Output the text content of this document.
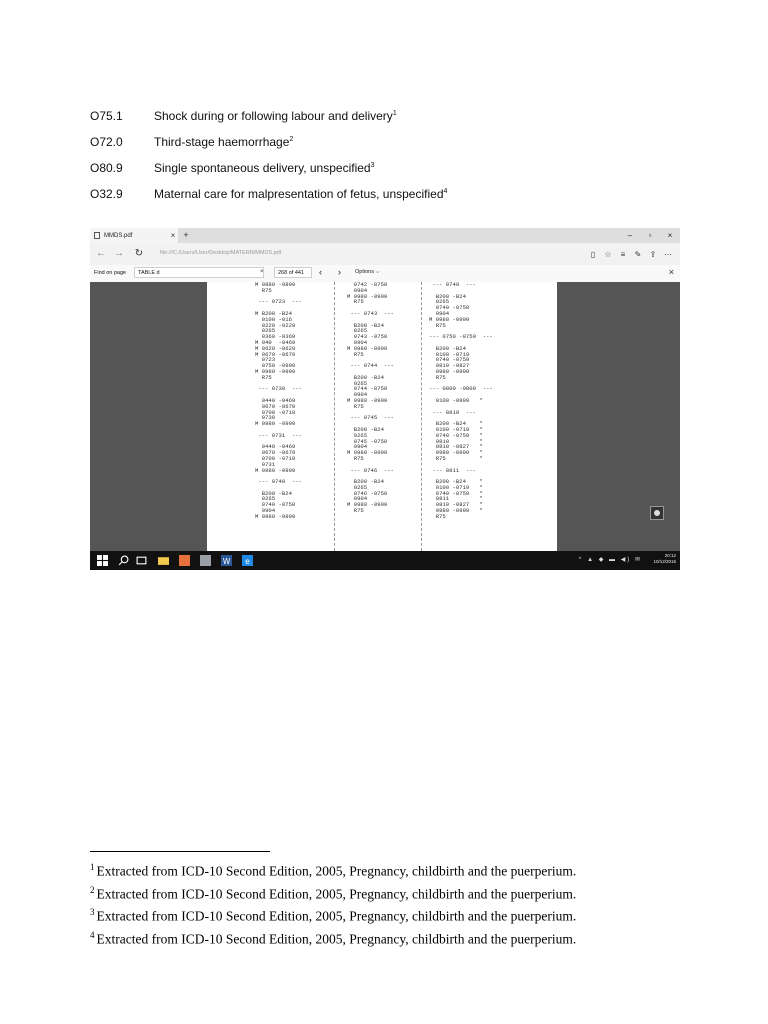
O75.1	Shock during or following labour and delivery$^1$
O72.0	Third-stage haemorrhage$^2$
O80.9	Single spontaneous delivery, unspecified$^3$
O32.9	Maternal care for malpresentation of fetus, unspecified$^4$
MMDS.pdf	× +	–	▫	×
← → ↻	file:///C:/Users/User/Desktop/MATERN/MMDS.pdf	▯	☆	≡	✎	⇪ ⋯
Find on page	TABLE d	×	268 of 441	‹ ›	Options ⌵	×
M 0880 -0899
R75

--- 0723  ---

M B200 -B24
0100 -016
0220 -0229
0265
0360 -0369
M 040  -0469
M 0620 -0629
M 0670 -0679
0723
0750 -0909
M 0980 -0999
R75

--- 0730  ---

0440 -0469
0670 -0679
0700 -0719
0730
M 0980 -0999

--- 0731  ---

0440 -0469
0670 -0679
0700 -0719
0731
M 0980 -0999

--- 0740  ---

B200 -B24
0265
0740 -0750
0904
M 0980 -0999
0742 -0750
0904
M 0980 -0999
R75

--- 0743  ---

B200 -B24
0265
0743 -0750
0904
M 0980 -0999
R75

--- 0744  ---

B200 -B24
0265
0744 -0750
0904
M 0980 -0999
R75

--- 0745  ---

B200 -B24
0265
0745 -0750
0904
M 0980 -0999
R75

--- 0746  ---

B200 -B24
0265
0746 -0750
0904
M 0980 -0999
R75
--- 0749  ---

B200 -B24
0265
0749 -0750
0904
M 0980 -0999
R75

--- 0750 -0759  ---

B200 -B24
0100 -0719
0740 -0759
0810 -0827
0980 -0999
R75

--- 0800 -0809  ---

0100 -0999   *

--- 0810  ---

B200 -B24    *
0100 -0719   *
0740 -0759   *
0810         *
0810 -0827   *
0980 -0999   *
R75          *

--- 0811  ---

B200 -B24    *
0100 -0719   *
0740 -0759   *
0811         *
0810 -0827   *
0980 -0999   *
R75
W e	^ ▲ ◆ ▬ ◀) ✉
20:12
10/12/2016
$^1$ Extracted from ICD-10 Second Edition, 2005, Pregnancy, childbirth and the puerperium.
$^2$ Extracted from ICD-10 Second Edition, 2005, Pregnancy, childbirth and the puerperium.
$^3$ Extracted from ICD-10 Second Edition, 2005, Pregnancy, childbirth and the puerperium.
$^4$ Extracted from ICD-10 Second Edition, 2005, Pregnancy, childbirth and the puerperium.
